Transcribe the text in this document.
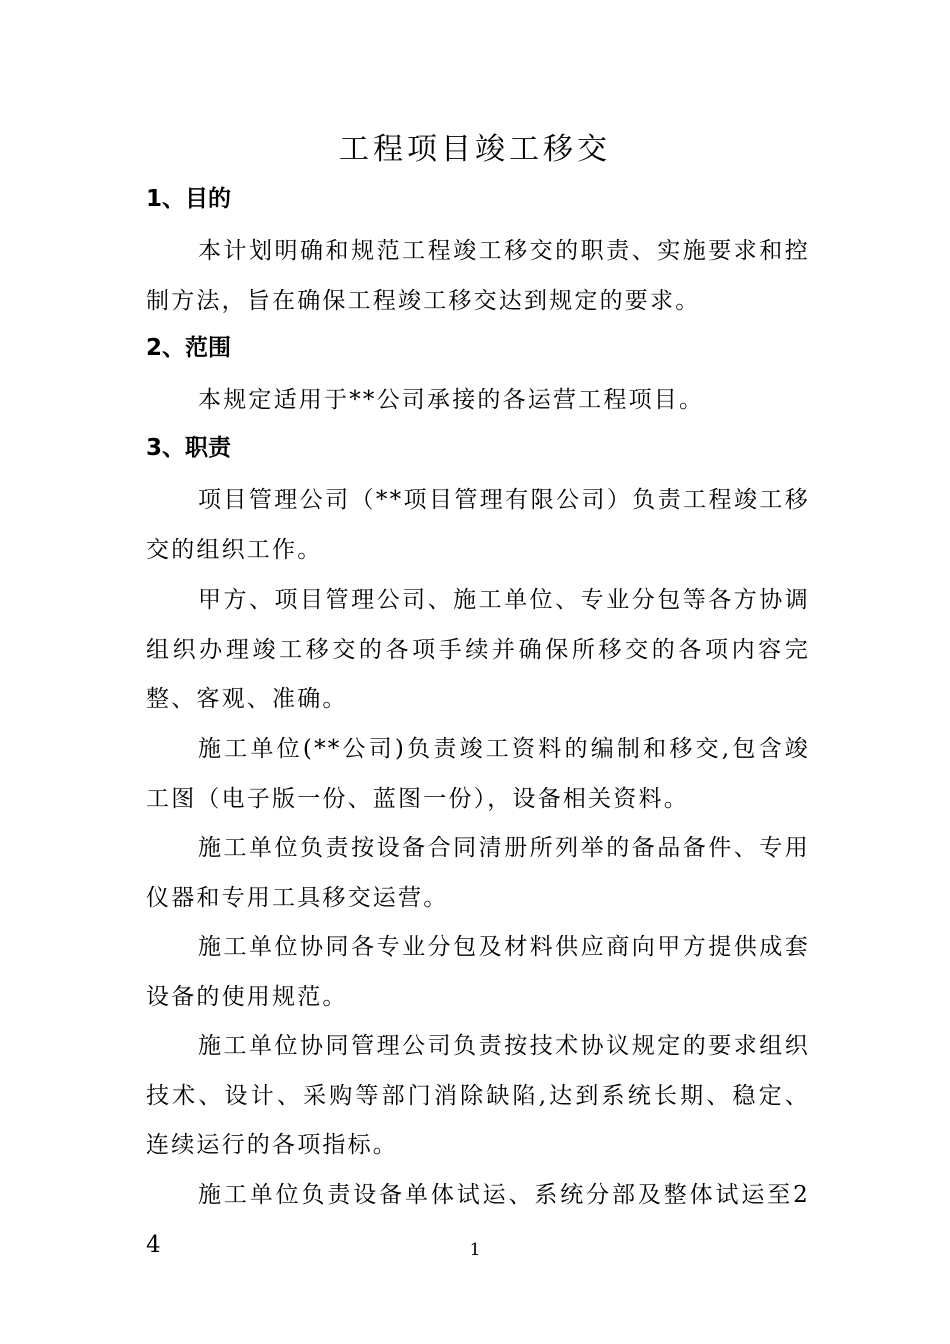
工程项目竣工移交
1、目的

本计划明确和规范工程竣工移交的职责、实施要求和控制方法，旨在确保工程竣工移交达到规定的要求。

2、范围

本规定适用于**公司承接的各运营工程项目。

3、职责

项目管理公司（**项目管理有限公司）负责工程竣工移交的组织工作。

甲方、项目管理公司、施工单位、专业分包等各方协调组织办理竣工移交的各项手续并确保所移交的各项内容完整、客观、准确。

施工单位(**公司)负责竣工资料的编制和移交,包含竣工图（电子版一份、蓝图一份），设备相关资料。

施工单位负责按设备合同清册所列举的备品备件、专用仪器和专用工具移交运营。

施工单位协同各专业分包及材料供应商向甲方提供成套设备的使用规范。

施工单位协同管理公司负责按技术协议规定的要求组织技术、设计、采购等部门消除缺陷,达到系统长期、稳定、连续运行的各项指标。

施工单位负责设备单体试运、系统分部及整体试运至24	1
